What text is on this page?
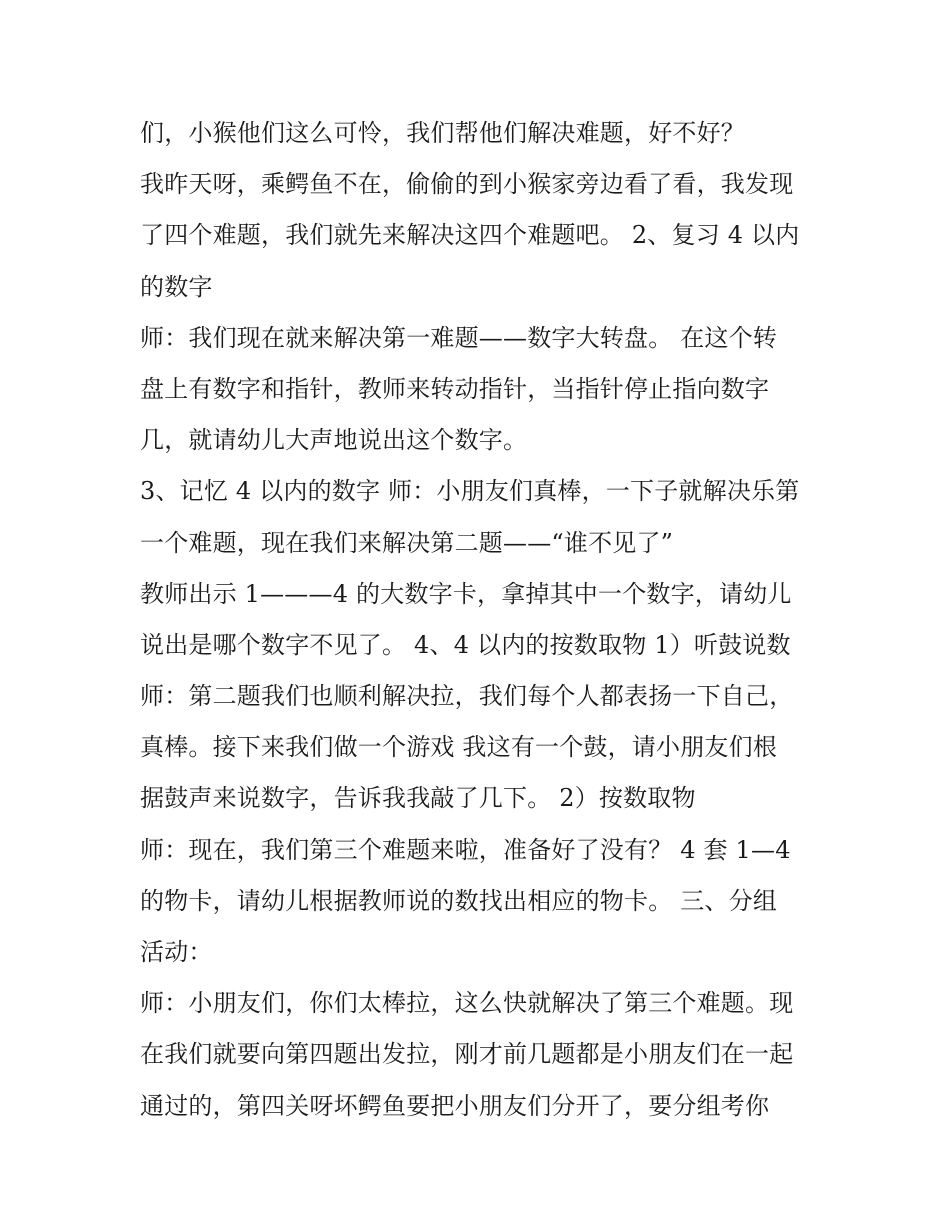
们，小猴他们这么可怜，我们帮他们解决难题，好不好？
我昨天呀，乘鳄鱼不在，偷偷的到小猴家旁边看了看，我发现
了四个难题，我们就先来解决这四个难题吧。 2、复习 4 以内
的数字
师：我们现在就来解决第一难题——数字大转盘。 在这个转
盘上有数字和指针，教师来转动指针，当指针停止指向数字
几，就请幼儿大声地说出这个数字。
3、记忆 4 以内的数字 师：小朋友们真棒，一下子就解决乐第
一个难题，现在我们来解决第二题——“谁不见了”
教师出示 1———4 的大数字卡，拿掉其中一个数字，请幼儿
说出是哪个数字不见了。 4、4 以内的按数取物 1）听鼓说数
师：第二题我们也顺利解决拉，我们每个人都表扬一下自己，
真棒。接下来我们做一个游戏 我这有一个鼓，请小朋友们根
据鼓声来说数字，告诉我我敲了几下。 2）按数取物
师：现在，我们第三个难题来啦，准备好了没有？ 4 套 1—4
的物卡，请幼儿根据教师说的数找出相应的物卡。 三、分组
活动：
师：小朋友们，你们太棒拉，这么快就解决了第三个难题。现
在我们就要向第四题出发拉，刚才前几题都是小朋友们在一起
通过的，第四关呀坏鳄鱼要把小朋友们分开了，要分组考你
